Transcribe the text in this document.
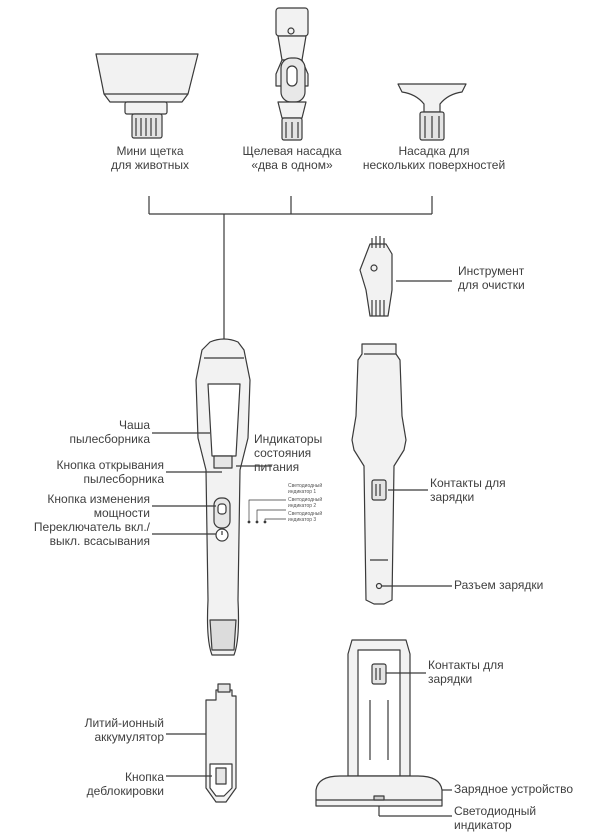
Мини щетка
для животных
Щелевая насадка
«два в одном»
Насадка для
нескольких поверхностей
Инструмент
для очистки
Чаша
пылесборника
Кнопка открывания
пылесборника
Кнопка изменения
мощности
Переключатель вкл./
выкл. всасывания
Индикаторы
состояния
питания
Светодиодный
индикатор 1
Светодиодный
индикатор 2
Светодиодный
индикатор 3
Контакты для
зарядки
Разъем зарядки
Контакты для
зарядки
Литий-ионный
аккумулятор
Кнопка
деблокировки	Зарядное устройство
Светодиодный
индикатор
